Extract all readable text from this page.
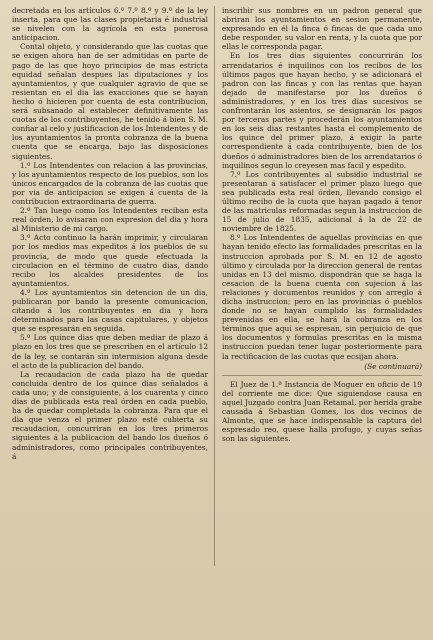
decretada en los artículos 6.º 7.º 8.º y 9.º de la ley inserta, para que las clases propietaria é industrial se nivelen con la agrícola en esta ponerosa anticipacion.

Contal objeto, y considerando que las cuotas que se exigen ahora han de ser admitidas en parte de pago de las que hoyo principios de mas estricta equidad señalan despues las diputaciones y los ayuntamientos, y que cualquier agravio de que se resientan en el dia las exacciones que se hayan hecho ó hicieren por cuenta de esta contribucion, será subsanado al establecer definitivamente las cuotas de los contribuyentes, he tenido á bien S. M. confiar al celo y justificacion de los Intendentes y de los ayuntamientos la pronta cobranza de la buena cuenta que se encarga, bajo las disposiciones siguientes.

1.º Los Intendentes con relacion á las provincias, y los ayuntamientos respecto de los pueblos, son los únicos encargados de la cobranza de las cuotas que por via de anticipacion se exigen á cuenta de la contribucion extraordinaria de guerra.

2.º Tan luego como los Intendentes reciban esta real órden, lo avisaran con expresion del dia y hora al Ministerio de mi cargo.

3.º Acto continuo la harán imprimir, y circularan por los medios mas expeditos á los pueblos de su provincia, de modo que quede efectuada la circulacion en el término de cuatro dias, dando recibo los alcaldes presidentes de los ayuntamientos.

4.º Los ayuntamientos sin detencion de un dia, publicaran por bando la presente comunicacion, citando á los contribuyentes en dia y hora determinados para las casas capitulares, y objetos que se espresarán en seguida.

5.º Los quince dias que deben mediar de plazo á plazo en los tres que se prescriben en el artículo 12 de la ley, se contarán sin intermision alguna desde el acto de la publicacion del bando.

La recaudacion de cada plazo ha de quedar concluida dentro de los quince dias señalados á cada uno; y de consiguiente, á los cuarenta y cinco dias de publicada esta real órden en cada pueblo, ha de quedar completada la cobranza. Para que el dia que venza el primer plazo esté cubierta su recaudacion, concurriran en los tres primeros siguientes á la publicacion del bando los dueños ó administradores, como principales contribuyentes, á

inscribir sus nombres en un padron general que abriran los ayuntamientos en sesion permanente, expresando en él la finca ó fincas de que cada uno debe responder, su valor en renta, y la cuota que por ellas le corresponda pagar.

En los tres dias siguientes concurrirán los arrendatarios é inquilinos con los recibos de los últimos pagos que hayan hecho, y se adicionará el padron con las fincas y con las rentas que hayan dejado de manifestarse por los dueños ó administradores, y en los tres dias sucesivos se confrontarán los asientos, se designarán los pagos por terceras partes y procederán los ayuntamientos en los seis dias restantes hasta el complemento de los quince del primer plazo, á exigir la parte correspondiente á cada contribuyente, bien de los dueños ó administradores bien de los arrendatarios ó inquilinos segun lo creyesen mas facil y espedito.

7.º Los contribuyentes al subsidio industrial se presentaran á satisfacer el primer plazo luego que sea publicada esta real órden, llevando consigo el último recibo de la cuota que hayan pagado á tenor de las matriculas reformadas segun la instruccion de 15 de julio de 1835, adicional á la de 22 de noviembre de 1825.

8.º Los Intendentes de aquellas provincias en que hayan tenido efecto las formalidades prescritas en la instruccion aprobada por S. M. en 12 de agosto último y circulada por la direccion general de rentas unidas en 13 del mismo, dispondrán que se haga la cesacion de la buena cuenta con sujecion á las relaciones y documentos reunidos y con arreglo á dicha instruccion; pero en las provincias ó pueblos donde no se hayan cumplido las formalidades prevenidas en ella, se hará la cobranza en los términos que aquí se espresan, sin perjuicio de que los documentos y formulas prescritas en la misma instruccion puedan tener lugar posteriormente para la rectificacion de las cuotas que ecsijan ahora.

(Se continuará)

El Juez de 1.ª Instancia de Moguer en oficio de 19 del corriente me dice: Que siguiendose causa en aquel Juzgado contra Juan Retamal, por herida grabe causada á Sebastian Gomes, los dos vecinos de Almonte, que se hace indispensable la captura del espresado reo, quese halla profugo, y cuyas señas son las siguientes.
